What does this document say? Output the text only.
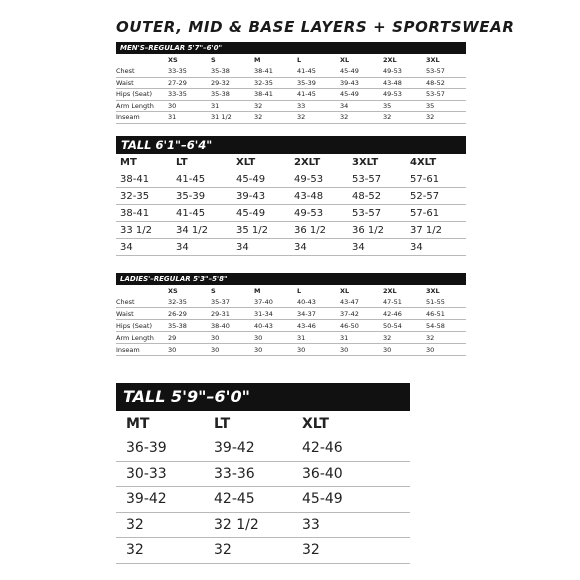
OUTER, MID & BASE LAYERS + SPORTSWEAR
MEN'S–REGULAR 5'7"–6'0"
	XS	S	M	L	XL	2XL	3XL
Chest	33-35	35-38	38-41	41-45	45-49	49-53	53-57
Waist	27-29	29-32	32-35	35-39	39-43	43-48	48-52
Hips (Seat)	33-35	35-38	38-41	41-45	45-49	49-53	53-57
Arm Length	30	31	32	33	34	35	35
Inseam	31	31 1/2	32	32	32	32	32
TALL 6'1"–6'4"
MT	LT	XLT	2XLT	3XLT	4XLT
38-41	41-45	45-49	49-53	53-57	57-61
32-35	35-39	39-43	43-48	48-52	52-57
38-41	41-45	45-49	49-53	53-57	57-61
33 1/2	34 1/2	35 1/2	36 1/2	36 1/2	37 1/2
34	34	34	34	34	34
LADIES'–REGULAR 5'3"–5'8"
	XS	S	M	L	XL	2XL	3XL
Chest	32-35	35-37	37-40	40-43	43-47	47-51	51-55
Waist	26-29	29-31	31-34	34-37	37-42	42-46	46-51
Hips (Seat)	35-38	38-40	40-43	43-46	46-50	50-54	54-58
Arm Length	29	30	30	31	31	32	32
Inseam	30	30	30	30	30	30	30
TALL 5'9"–6'0"
MT	LT	XLT
36-39	39-42	42-46
30-33	33-36	36-40
39-42	42-45	45-49
32	32 1/2	33
32	32	32
